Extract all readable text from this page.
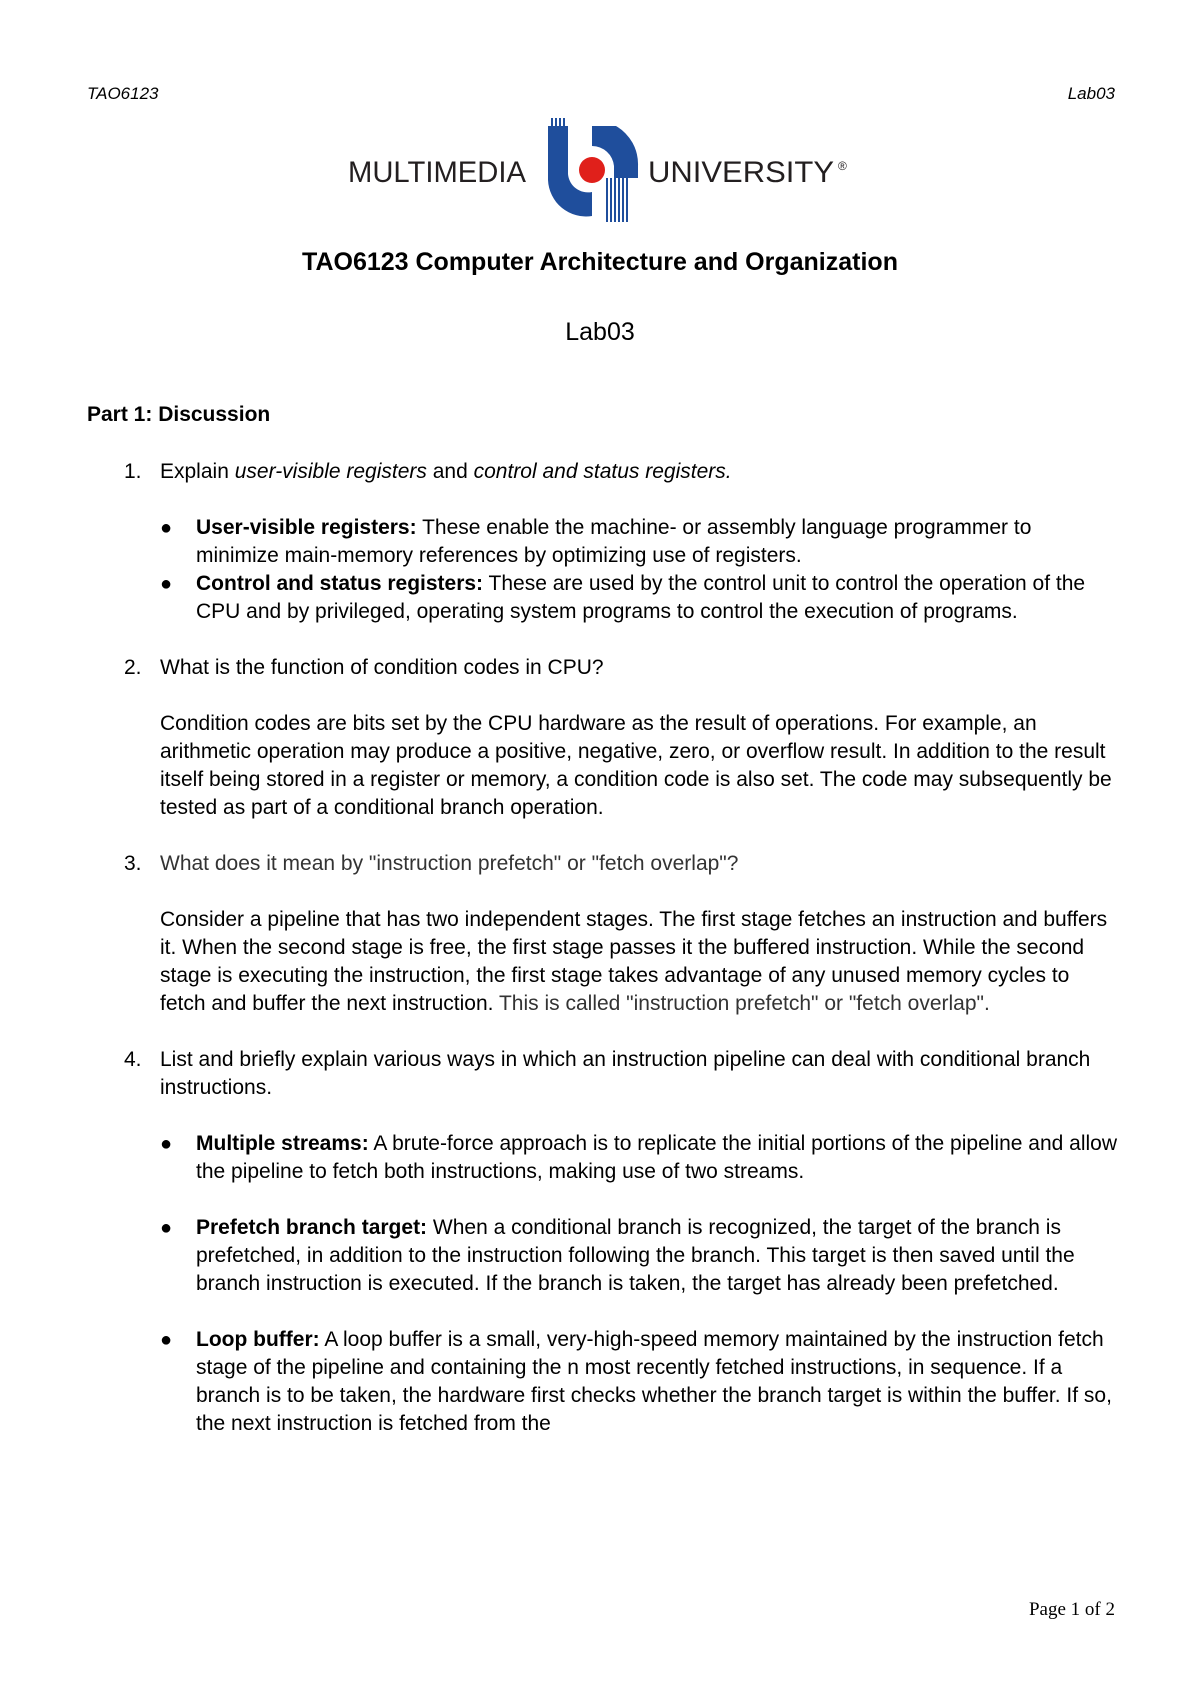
TAO6123	Lab03
MULTIMEDIA	UNIVERSITY ®
TAO6123 Computer Architecture and Organization
Lab03
Part 1: Discussion
1. Explain user-visible registers and control and status registers.

● User-visible registers: These enable the machine- or assembly language programmer to minimize main-memory references by optimizing use of registers.
● Control and status registers: These are used by the control unit to control the operation of the CPU and by privileged, operating system programs to control the execution of programs.
2. What is the function of condition codes in CPU?

Condition codes are bits set by the CPU hardware as the result of operations. For example, an arithmetic operation may produce a positive, negative, zero, or overflow result. In addition to the result itself being stored in a register or memory, a condition code is also set. The code may subsequently be tested as part of a conditional branch operation.

3. What does it mean by "instruction prefetch" or "fetch overlap"?

Consider a pipeline that has two independent stages. The first stage fetches an instruction and buffers it. When the second stage is free, the first stage passes it the buffered instruction. While the second stage is executing the instruction, the first stage takes advantage of any unused memory cycles to fetch and buffer the next instruction. This is called "instruction prefetch" or "fetch overlap".

4. List and briefly explain various ways in which an instruction pipeline can deal with conditional branch instructions.

● Multiple streams: A brute-force approach is to replicate the initial portions of the pipeline and allow the pipeline to fetch both instructions, making use of two streams.
● Prefetch branch target: When a conditional branch is recognized, the target of the branch is prefetched, in addition to the instruction following the branch. This target is then saved until the branch instruction is executed. If the branch is taken, the target has already been prefetched.
● Loop buffer: A loop buffer is a small, very-high-speed memory maintained by the instruction fetch stage of the pipeline and containing the n most recently fetched instructions, in sequence. If a branch is to be taken, the hardware first checks whether the branch target is within the buffer. If so, the next instruction is fetched from the
Page 1 of 2
